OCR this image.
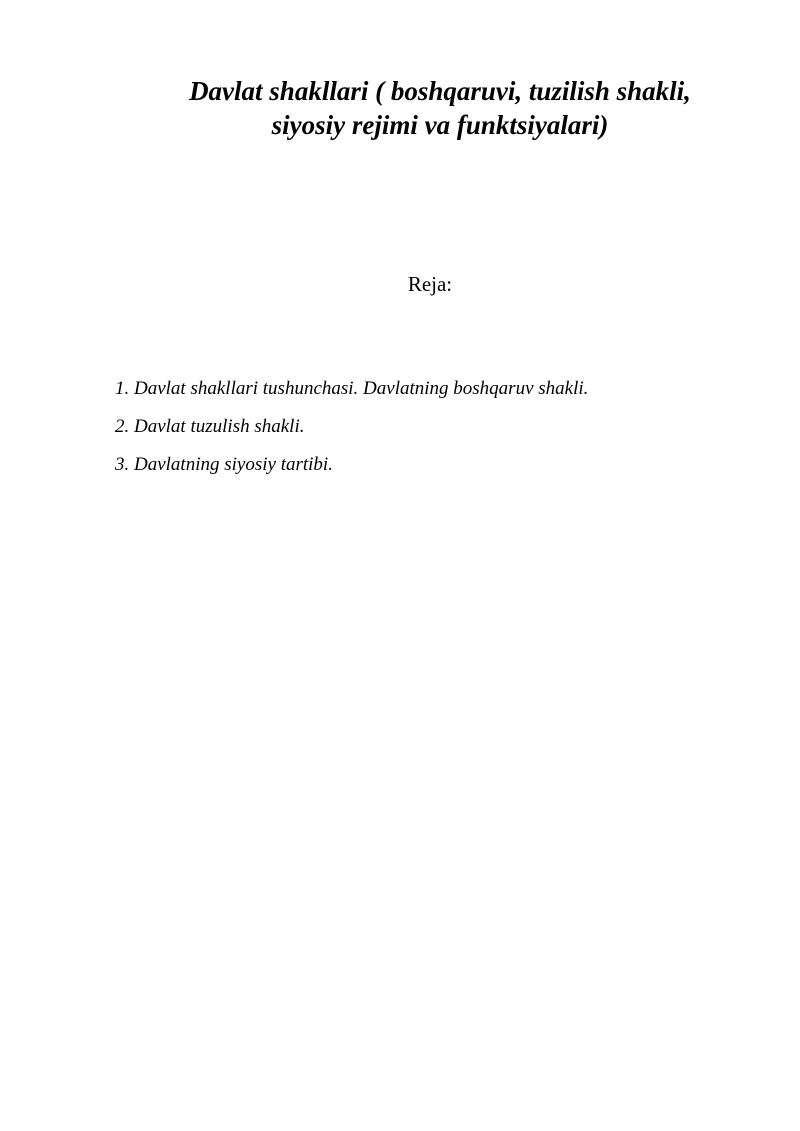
Davlat shakllari ( boshqaruvi, tuzilish shakli,
siyosiy rejimi va funktsiyalari)

Reja:

1. Davlat shakllari tushunchasi. Davlatning boshqaruv shakli.
2. Davlat tuzulish shakli.
3. Davlatning siyosiy tartibi.
